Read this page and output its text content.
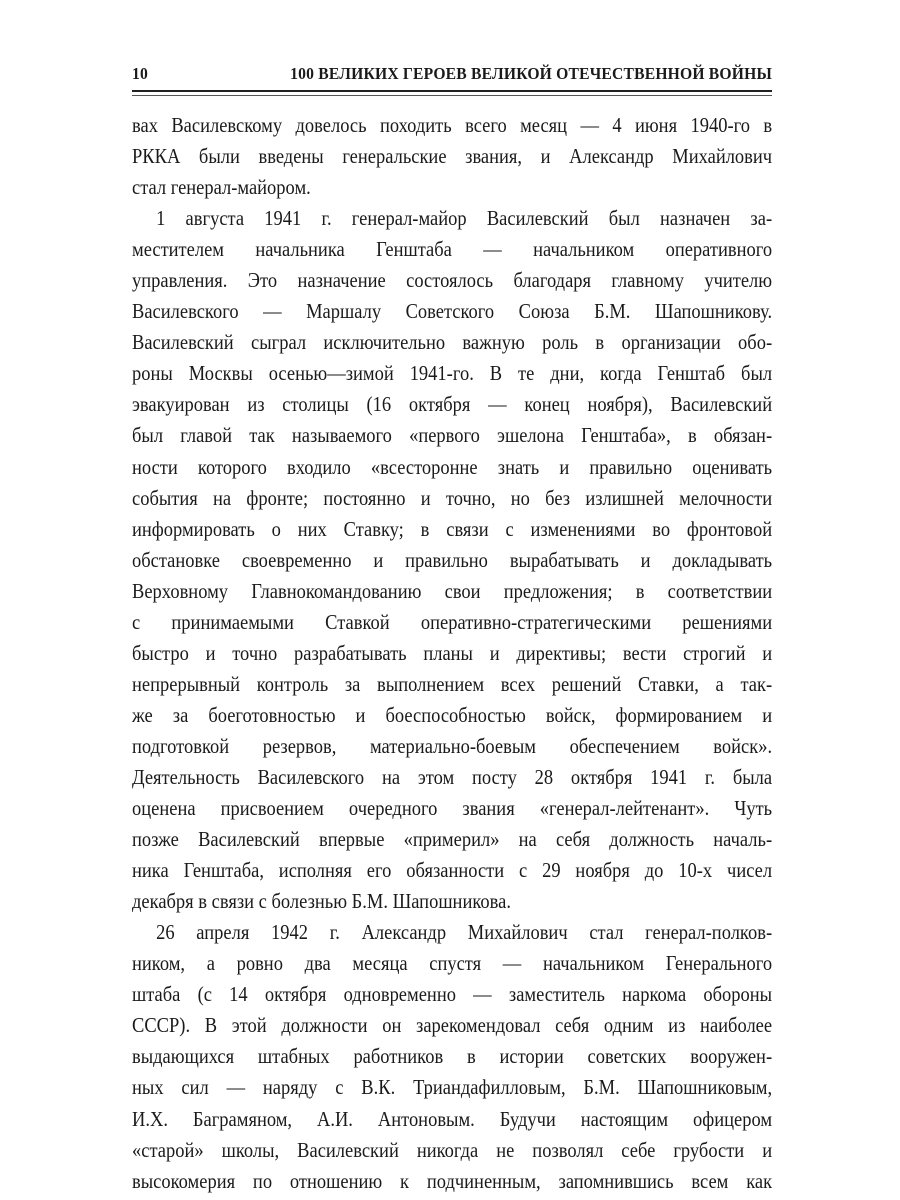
10	100 ВЕЛИКИХ ГЕРОЕВ ВЕЛИКОЙ ОТЕЧЕСТВЕННОЙ ВОЙНЫ
вах Василевскому довелось походить всего месяц — 4 июня 1940-го в
РККА были введены генеральские звания, и Александр Михайлович
стал генерал-майором.
1 августа 1941 г. генерал-майор Василевский был назначен за-
местителем начальника Генштаба — начальником оперативного
управления. Это назначение состоялось благодаря главному учителю
Василевского — Маршалу Советского Союза Б.М. Шапошникову.
Василевский сыграл исключительно важную роль в организации обо-
роны Москвы осенью—зимой 1941-го. В те дни, когда Генштаб был
эвакуирован из столицы (16 октября — конец ноября), Василевский
был главой так называемого «первого эшелона Генштаба», в обязан-
ности которого входило «всесторонне знать и правильно оценивать
события на фронте; постоянно и точно, но без излишней мелочности
информировать о них Ставку; в связи с изменениями во фронтовой
обстановке своевременно и правильно вырабатывать и докладывать
Верховному Главнокомандованию свои предложения; в соответствии
с принимаемыми Ставкой оперативно-стратегическими решениями
быстро и точно разрабатывать планы и директивы; вести строгий и
непрерывный контроль за выполнением всех решений Ставки, а так-
же за боеготовностью и боеспособностью войск, формированием и
подготовкой резервов, материально-боевым обеспечением войск».
Деятельность Василевского на этом посту 28 октября 1941 г. была
оценена присвоением очередного звания «генерал-лейтенант». Чуть
позже Василевский впервые «примерил» на себя должность началь-
ника Генштаба, исполняя его обязанности с 29 ноября до 10-х чисел
декабря в связи с болезнью Б.М. Шапошникова.
26 апреля 1942 г. Александр Михайлович стал генерал-полков-
ником, а ровно два месяца спустя — начальником Генерального
штаба (с 14 октября одновременно — заместитель наркома обороны
СССР). В этой должности он зарекомендовал себя одним из наиболее
выдающихся штабных работников в истории советских вооружен-
ных сил — наряду с В.К. Триандафилловым, Б.М. Шапошниковым,
И.Х. Баграмяном, А.И. Антоновым. Будучи настоящим офицером
«старой» школы, Василевский никогда не позволял себе грубости и
высокомерия по отношению к подчиненным, запомнившись всем как
